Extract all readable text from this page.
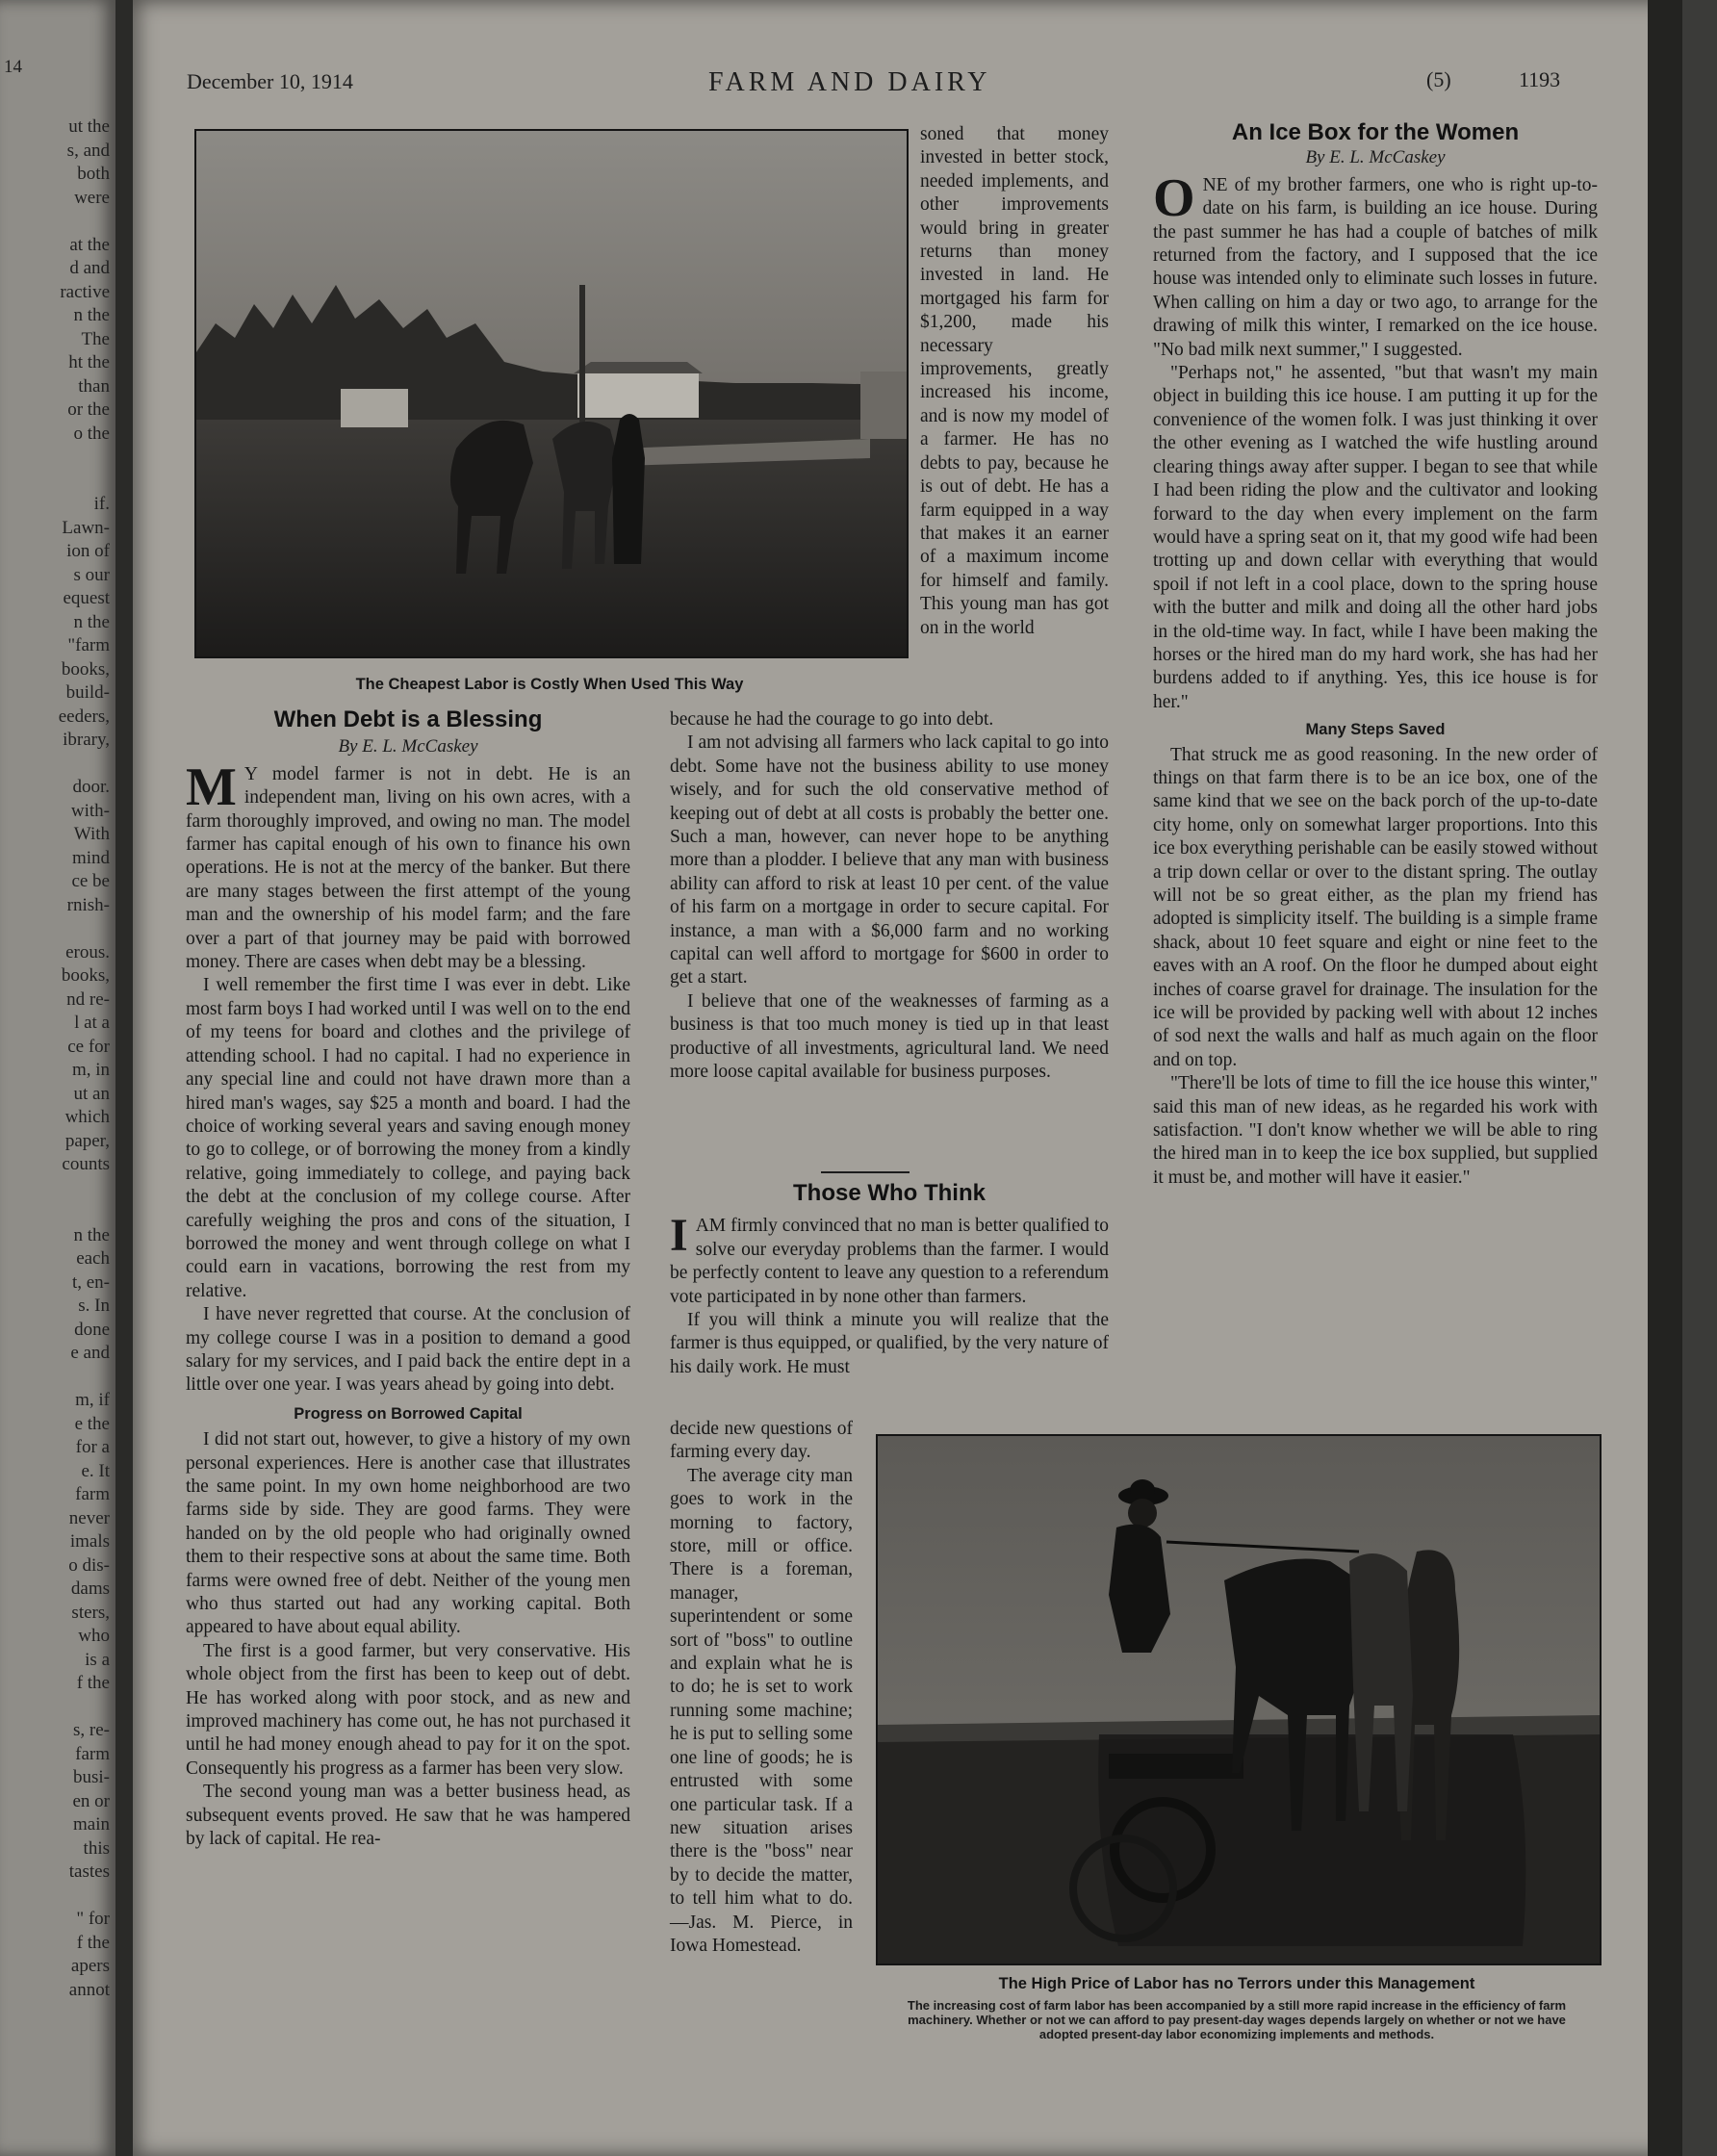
14
ut the
s, and
both
were
at the
d and
ractive
n the
The
ht the
than
or the
o the
if.
Lawn-
ion of
s our
equest
n the
"farm
books,
build-
eeders,
ibrary,
door.
with-
With
mind
ce be
rnish-
erous.
books,
nd re-
l at a
ce for
m, in
ut an
which
paper,
counts
n the
each
t, en-
s. In
done
e and
m, if
e the
for a
e. It
farm
never
imals
o dis-
dams
sters,
who
is a
f the
s, re-
farm
busi-
en or
main
this
tastes
" for
f the
apers
annot
December 10, 1914	FARM AND DAIRY	(5)	1193
The Cheapest Labor is Costly When Used This Way

soned that money invested in better stock, needed implements, and other improvements would bring in greater returns than money invested in land. He mortgaged his farm for $1,200, made his necessary improvements, greatly increased his income, and is now my model of a farmer. He has no debts to pay, because he is out of debt. He has a farm equipped in a way that makes it an earner of a maximum income for himself and family. This young man has got on in the world

When Debt is a Blessing
By E. L. McCaskey

M Y model farmer is not in debt. He is an independent man, living on his own acres, with a farm thoroughly improved, and owing no man. The model farmer has capital enough of his own to finance his own operations. He is not at the mercy of the banker. But there are many stages between the first attempt of the young man and the ownership of his model farm; and the fare over a part of that journey may be paid with borrowed money. There are cases when debt may be a blessing.

I well remember the first time I was ever in debt. Like most farm boys I had worked until I was well on to the end of my teens for board and clothes and the privilege of attending school. I had no capital. I had no experience in any special line and could not have drawn more than a hired man's wages, say $25 a month and board. I had the choice of working several years and saving enough money to go to college, or of borrowing the money from a kindly relative, going immediately to college, and paying back the debt at the conclusion of my college course. After carefully weighing the pros and cons of the situation, I borrowed the money and went through college on what I could earn in vacations, borrowing the rest from my relative.

I have never regretted that course. At the conclusion of my college course I was in a position to demand a good salary for my services, and I paid back the entire dept in a little over one year. I was years ahead by going into debt.

Progress on Borrowed Capital

I did not start out, however, to give a history of my own personal experiences. Here is another case that illustrates the same point. In my own home neighborhood are two farms side by side. They are good farms. They were handed on by the old people who had originally owned them to their respective sons at about the same time. Both farms were owned free of debt. Neither of the young men who thus started out had any working capital. Both appeared to have about equal ability.

The first is a good farmer, but very conservative. His whole object from the first has been to keep out of debt. He has worked along with poor stock, and as new and improved machinery has come out, he has not purchased it until he had money enough ahead to pay for it on the spot. Consequently his progress as a farmer has been very slow.

The second young man was a better business head, as subsequent events proved. He saw that he was hampered by lack of capital. He rea-

because he had the courage to go into debt.

I am not advising all farmers who lack capital to go into debt. Some have not the business ability to use money wisely, and for such the old conservative method of keeping out of debt at all costs is probably the better one. Such a man, however, can never hope to be anything more than a plodder. I believe that any man with business ability can afford to risk at least 10 per cent. of the value of his farm on a mortgage in order to secure capital. For instance, a man with a $6,000 farm and no working capital can well afford to mortgage for $600 in order to get a start.

I believe that one of the weaknesses of farming as a business is that too much money is tied up in that least productive of all investments, agricultural land. We need more loose capital available for business purposes.

Those Who Think

IAM firmly convinced that no man is better qualified to solve our everyday problems than the farmer. I would be perfectly content to leave any question to a referendum vote participated in by none other than farmers.

If you will think a minute you will realize that the farmer is thus equipped, or qualified, by the very nature of his daily work. He must

decide new questions of farming every day.

The average city man goes to work in the morning to factory, store, mill or office. There is a foreman, manager, superintendent or some sort of "boss" to outline and explain what he is to do; he is set to work running some machine; he is put to selling some one line of goods; he is entrusted with some one particular task. If a new situation arises there is the "boss" near by to decide the matter, to tell him what to do.—Jas. M. Pierce, in Iowa Homestead.

An Ice Box for the Women
By E. L. McCaskey

ONE of my brother farmers, one who is right up-to-date on his farm, is building an ice house. During the past summer he has had a couple of batches of milk returned from the factory, and I supposed that the ice house was intended only to eliminate such losses in future. When calling on him a day or two ago, to arrange for the drawing of milk this winter, I remarked on the ice house. "No bad milk next summer," I suggested.

"Perhaps not," he assented, "but that wasn't my main object in building this ice house. I am putting it up for the convenience of the women folk. I was just thinking it over the other evening as I watched the wife hustling around clearing things away after supper. I began to see that while I had been riding the plow and the cultivator and looking forward to the day when every implement on the farm would have a spring seat on it, that my good wife had been trotting up and down cellar with everything that would spoil if not left in a cool place, down to the spring house with the butter and milk and doing all the other hard jobs in the old-time way. In fact, while I have been making the horses or the hired man do my hard work, she has had her burdens added to if anything. Yes, this ice house is for her."

Many Steps Saved

That struck me as good reasoning. In the new order of things on that farm there is to be an ice box, one of the same kind that we see on the back porch of the up-to-date city home, only on somewhat larger proportions. Into this ice box everything perishable can be easily stowed without a trip down cellar or over to the distant spring. The outlay will not be so great either, as the plan my friend has adopted is simplicity itself. The building is a simple frame shack, about 10 feet square and eight or nine feet to the eaves with an A roof. On the floor he dumped about eight inches of coarse gravel for drainage. The insulation for the ice will be provided by packing well with about 12 inches of sod next the walls and half as much again on the floor and on top.

"There'll be lots of time to fill the ice house this winter," said this man of new ideas, as he regarded his work with satisfaction. "I don't know whether we will be able to ring the hired man in to keep the ice box supplied, but supplied it must be, and mother will have it easier."

The High Price of Labor has no Terrors under this Management
The increasing cost of farm labor has been accompanied by a still more rapid increase in the efficiency of farm machinery. Whether or not we can afford to pay present-day wages depends largely on whether or not we have adopted present-day labor economizing implements and methods.
